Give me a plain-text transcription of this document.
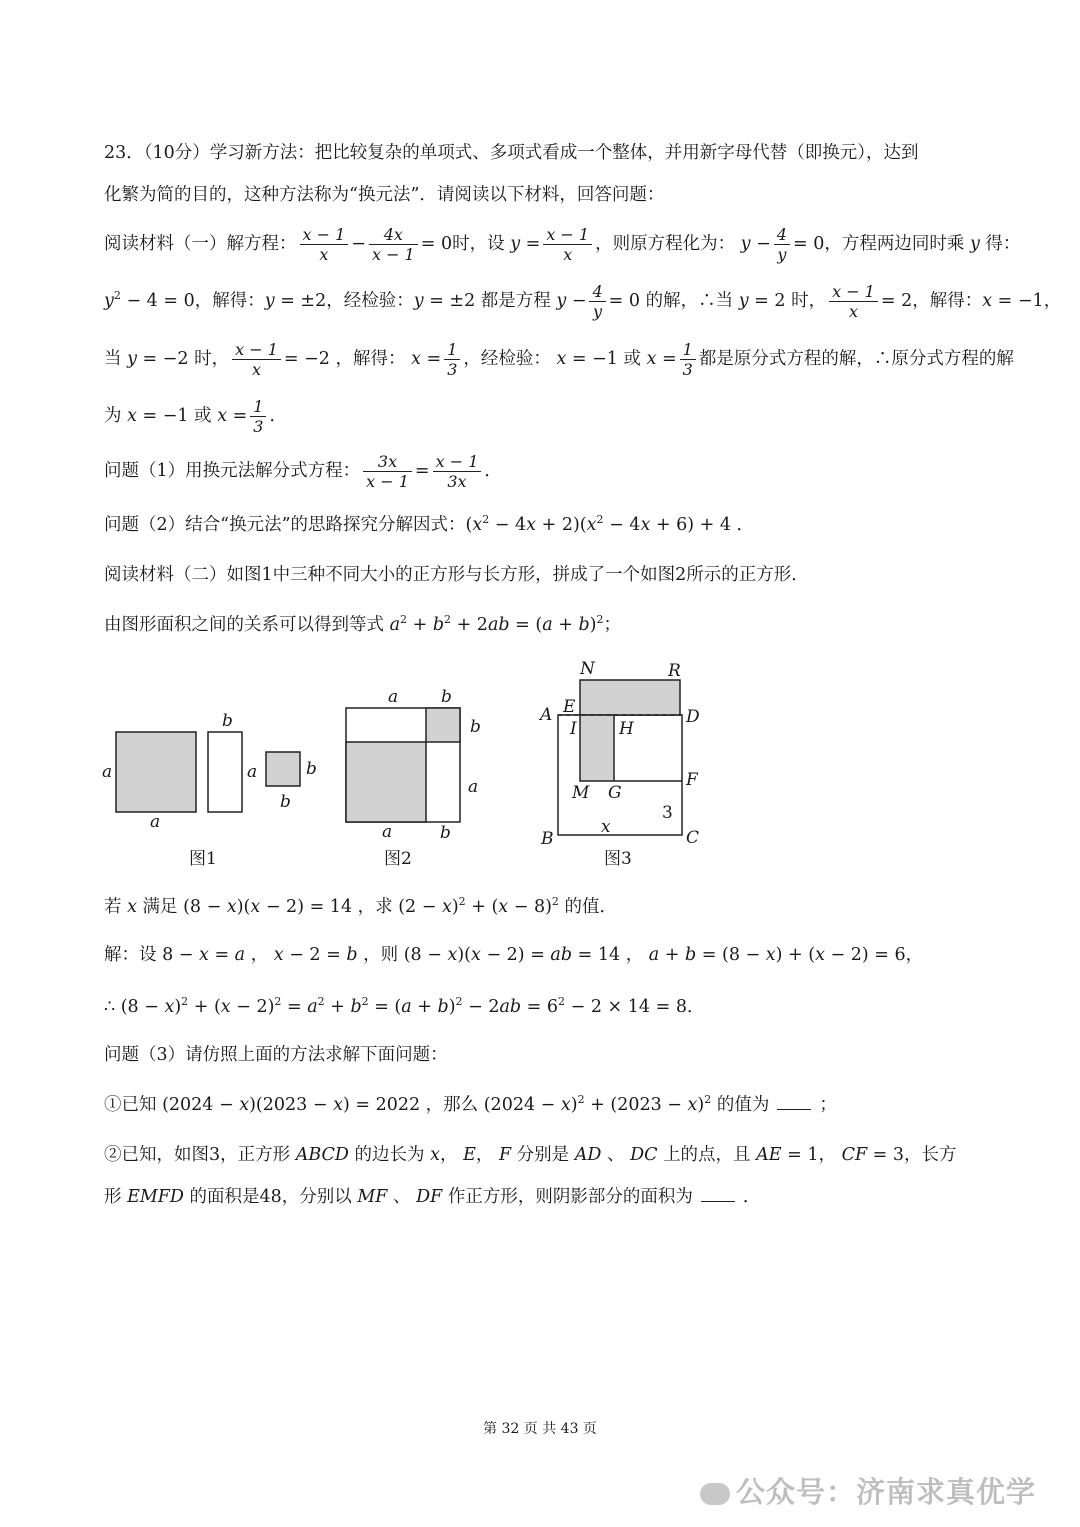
23．（10分）学习新方法：把比较复杂的单项式、多项式看成一个整体，并用新字母代替（即换元），达到
化繁为简的目的，这种方法称为“换元法”．请阅读以下材料，回答问题：
阅读材料（一）解方程： $\frac{x - 1}{x} - \frac{4x}{x - 1} = 0$时，设 $y = \frac{x - 1}{x}$ ，则原方程化为： $y - \frac{4}{y} = 0$，方程两边同时乘 y 得：
$y^2 - 4 = 0$，解得：y = ±2，经检验：y = ±2 都是方程 $y - \frac{4}{y} = 0$ 的解，∴当 y = 2 时， $\frac{x - 1}{x} = 2$，解得：x = −1，
当 y = −2 时， $\frac{x - 1}{x} = -2$ ，解得： $x = \frac{1}{3}$ ，经检验： x = −1 或 $x = \frac{1}{3}$ 都是原分式方程的解，∴原分式方程的解
为 x = −1 或 $x = \frac{1}{3}$ ．
问题（1）用换元法解分式方程： $\frac{3x}{x - 1} = \frac{x - 1}{3x}$ ．
问题（2）结合“换元法”的思路探究分解因式：$(x^2 - 4x + 2)(x^2 - 4x + 6) + 4$ ．
阅读材料（二）如图1中三种不同大小的正方形与长方形，拼成了一个如图2所示的正方形．
由图形面积之间的关系可以得到等式 $a^2 + b^2 + 2ab = (a + b)^2$；
a
a
b
a	b
b
图1
a	b
b
a
a	b
图2
N	R
E
A
I H
D
F
M G
3
x
B	C
图3
若 x 满足 (8 − x)(x − 2) = 14 ，求 $(2 - x)^2 + (x - 8)^2$ 的值．
解：设 8 − x = a ， x − 2 = b ，则 (8 − x)(x − 2) = ab = 14 ， a + b = (8 − x) + (x − 2) = 6，
∴ $(8 - x)^2 + (x - 2)^2 = a^2 + b^2 = (a + b)^2 - 2ab = 6^2 - 2 \times 14 = 8$．
问题（3）请仿照上面的方法求解下面问题：
①已知 (2024 − x)(2023 − x) = 2022 ，那么 $(2024 - x)^2 + (2023 - x)^2$ 的值为	；
②已知，如图3，正方形 ABCD 的边长为 x， E， F 分别是 AD 、 DC 上的点，且 AE = 1， CF = 3，长方
形 EMFD 的面积是48，分别以 MF 、 DF 作正方形，则阴影部分的面积为	．
第 32 页 共 43 页
公众号：济南求真优学
